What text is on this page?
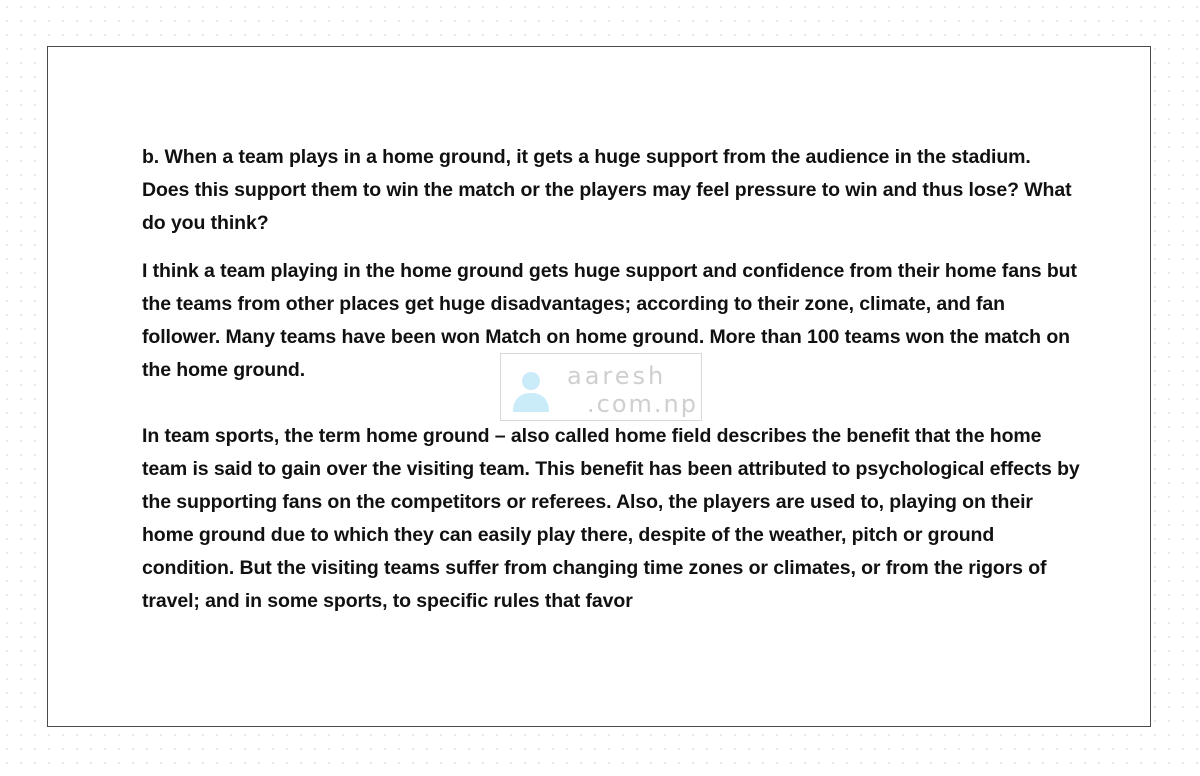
b. When a team plays in a home ground, it gets a huge support from the audience in the stadium. Does this support them to win the match or the players may feel pressure to win and thus lose? What do you think?

I think a team playing in the home ground gets huge support and confidence from their home fans but the teams from other places get huge disadvantages; according to their zone, climate, and fan follower. Many teams have been won Match on home ground. More than 100 teams won the match on the home ground.

In team sports, the term home ground – also called home field describes the benefit that the home team is said to gain over the visiting team. This benefit has been attributed to psychological effects by the supporting fans on the competitors or referees. Also, the players are used to, playing on their home ground due to which they can easily play there, despite of the weather, pitch or ground condition. But the visiting teams suffer from changing time zones or climates, or from the rigors of travel; and in some sports, to specific rules that favor

aaresh
.com.np
